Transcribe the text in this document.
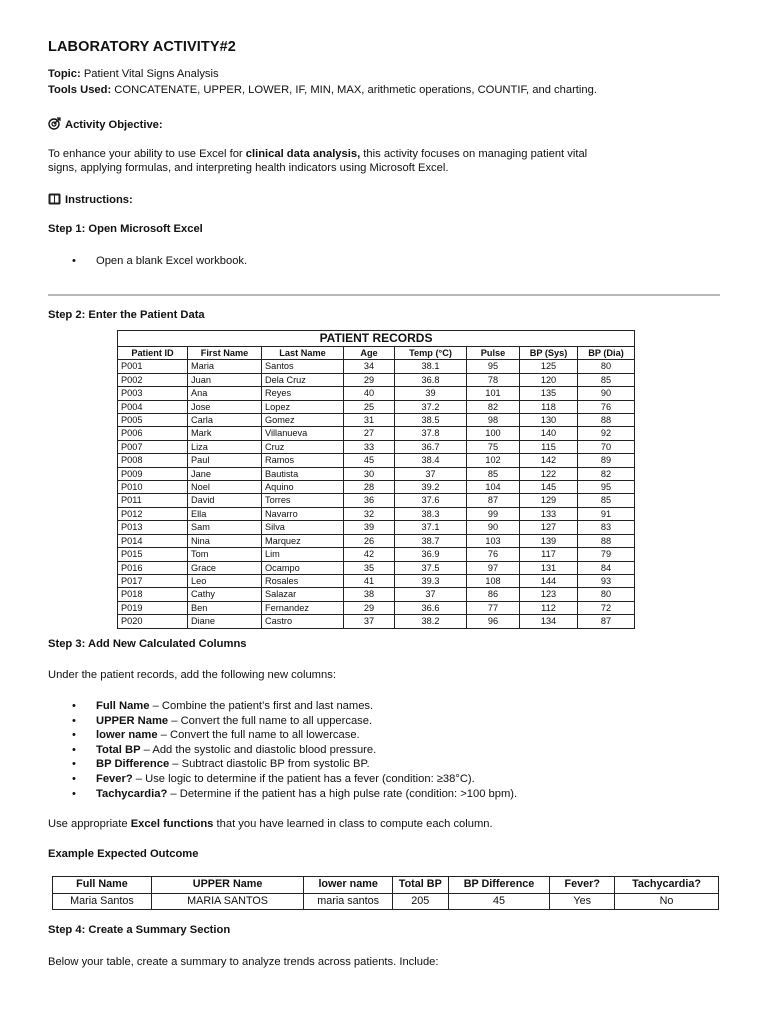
LABORATORY ACTIVITY#2
Topic: Patient Vital Signs Analysis
Tools Used: CONCATENATE, UPPER, LOWER, IF, MIN, MAX, arithmetic operations, COUNTIF, and charting.
Activity Objective:
To enhance your ability to use Excel for clinical data analysis, this activity focuses on managing patient vital
signs, applying formulas, and interpreting health indicators using Microsoft Excel.
Instructions:
Step 1: Open Microsoft Excel
• Open a blank Excel workbook.
Step 2: Enter the Patient Data
PATIENT RECORDS							
Patient ID	First Name	Last Name	Age	Temp (°C)	Pulse	BP (Sys)	BP (Dia)
P001	Maria	Santos	34	38.1	95	125	80
P002	Juan	Dela Cruz	29	36.8	78	120	85
P003	Ana	Reyes	40	39	101	135	90
P004	Jose	Lopez	25	37.2	82	118	76
P005	Carla	Gomez	31	38.5	98	130	88
P006	Mark	Villanueva	27	37.8	100	140	92
P007	Liza	Cruz	33	36.7	75	115	70
P008	Paul	Ramos	45	38.4	102	142	89
P009	Jane	Bautista	30	37	85	122	82
P010	Noel	Aquino	28	39.2	104	145	95
P011	David	Torres	36	37.6	87	129	85
P012	Ella	Navarro	32	38.3	99	133	91
P013	Sam	Silva	39	37.1	90	127	83
P014	Nina	Marquez	26	38.7	103	139	88
P015	Tom	Lim	42	36.9	76	117	79
P016	Grace	Ocampo	35	37.5	97	131	84
P017	Leo	Rosales	41	39.3	108	144	93
P018	Cathy	Salazar	38	37	86	123	80
P019	Ben	Fernandez	29	36.6	77	112	72
P020	Diane	Castro	37	38.2	96	134	87
Step 3: Add New Calculated Columns
Under the patient records, add the following new columns:
• Full Name – Combine the patient’s first and last names.
• UPPER Name – Convert the full name to all uppercase.
• lower name – Convert the full name to all lowercase.
• Total BP – Add the systolic and diastolic blood pressure.
• BP Difference – Subtract diastolic BP from systolic BP.
• Fever? – Use logic to determine if the patient has a fever (condition: ≥38°C).
• Tachycardia? – Determine if the patient has a high pulse rate (condition: >100 bpm).
Use appropriate Excel functions that you have learned in class to compute each column.
Example Expected Outcome
Full Name	UPPER Name	lower name	Total BP	BP Difference	Fever?	Tachycardia?
Maria Santos	MARIA SANTOS	maria santos	205	45	Yes	No
Step 4: Create a Summary Section
Below your table, create a summary to analyze trends across patients. Include:
